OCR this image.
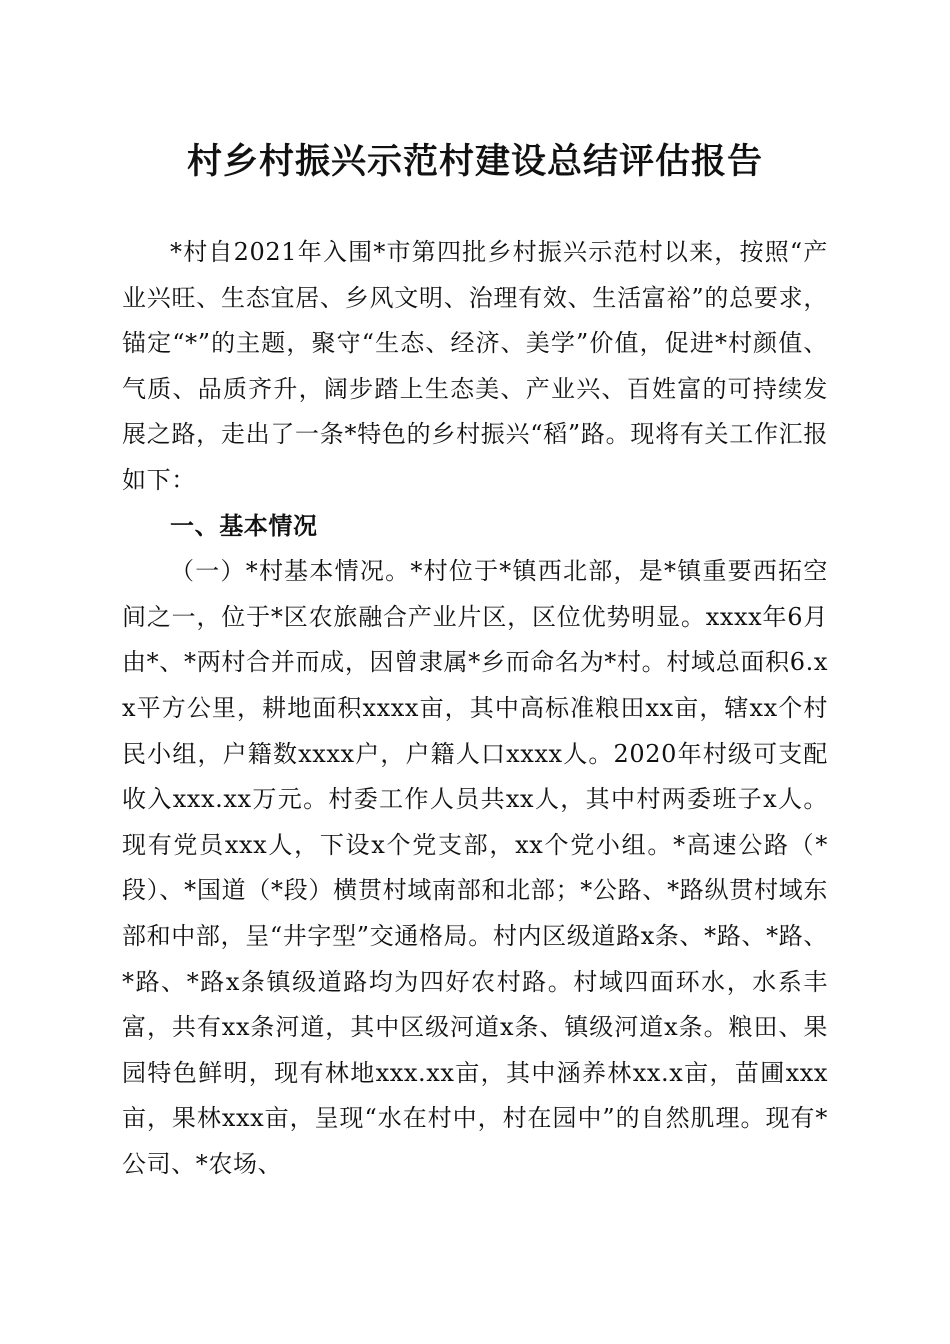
村乡村振兴示范村建设总结评估报告

*村自2021年入围*市第四批乡村振兴示范村以来，按照“产业兴旺、生态宜居、乡风文明、治理有效、生活富裕”的总要求，锚定“*”的主题，聚守“生态、经济、美学”价值，促进*村颜值、气质、品质齐升，阔步踏上生态美、产业兴、百姓富的可持续发展之路，走出了一条*特色的乡村振兴“稻”路。现将有关工作汇报如下：

一、基本情况

（一）*村基本情况。*村位于*镇西北部，是*镇重要西拓空间之一，位于*区农旅融合产业片区，区位优势明显。xxxx年6月由*、*两村合并而成，因曾隶属*乡而命名为*村。村域总面积6.xx平方公里，耕地面积xxxx亩，其中高标准粮田xx亩，辖xx个村民小组，户籍数xxxx户，户籍人口xxxx人。2020年村级可支配收入xxx.xx万元。村委工作人员共xx人，其中村两委班子x人。现有党员xxx人，下设x个党支部，xx个党小组。*高速公路（*段）、*国道（*段）横贯村域南部和北部；*公路、*路纵贯村域东部和中部，呈“井字型”交通格局。村内区级道路x条、*路、*路、*路、*路x条镇级道路均为四好农村路。村域四面环水，水系丰富，共有xx条河道，其中区级河道x条、镇级河道x条。粮田、果园特色鲜明，现有林地xxx.xx亩，其中涵养林xx.x亩，苗圃xxx亩，果林xxx亩，呈现“水在村中，村在园中”的自然肌理。现有*公司、*农场、
